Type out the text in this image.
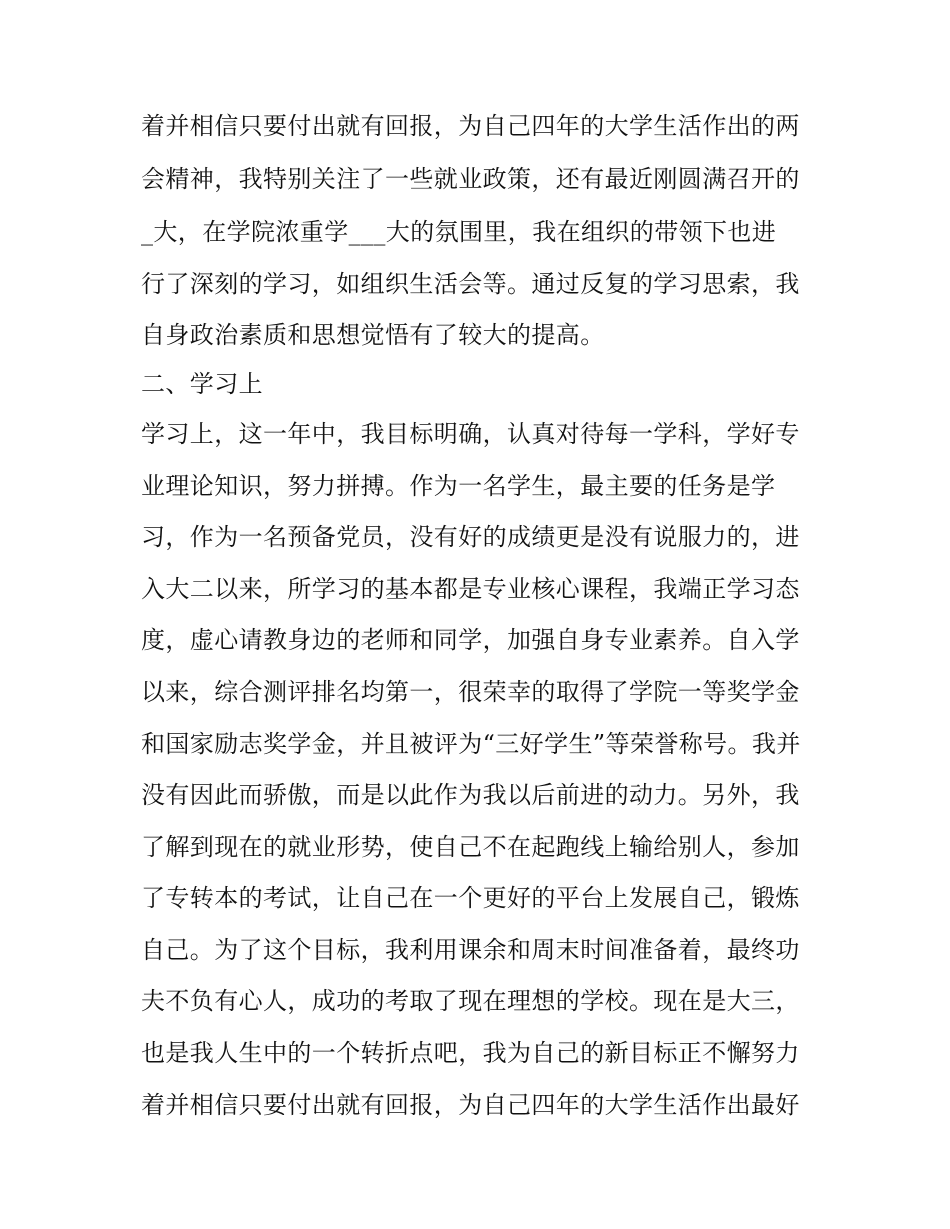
着并相信只要付出就有回报，为自己四年的大学生活作出的两
会精神，我特别关注了一些就业政策，还有最近刚圆满召开的
_大，在学院浓重学___大的氛围里，我在组织的带领下也进
行了深刻的学习，如组织生活会等。通过反复的学习思索，我
自身政治素质和思想觉悟有了较大的提高。
二、学习上
学习上，这一年中，我目标明确，认真对待每一学科，学好专
业理论知识，努力拼搏。作为一名学生，最主要的任务是学
习，作为一名预备党员，没有好的成绩更是没有说服力的，进
入大二以来，所学习的基本都是专业核心课程，我端正学习态
度，虚心请教身边的老师和同学，加强自身专业素养。自入学
以来，综合测评排名均第一，很荣幸的取得了学院一等奖学金
和国家励志奖学金，并且被评为“三好学生”等荣誉称号。我并
没有因此而骄傲，而是以此作为我以后前进的动力。另外，我
了解到现在的就业形势，使自己不在起跑线上输给别人，参加
了专转本的考试，让自己在一个更好的平台上发展自己，锻炼
自己。为了这个目标，我利用课余和周末时间准备着，最终功
夫不负有心人，成功的考取了现在理想的学校。现在是大三，
也是我人生中的一个转折点吧，我为自己的新目标正不懈努力
着并相信只要付出就有回报，为自己四年的大学生活作出最好
